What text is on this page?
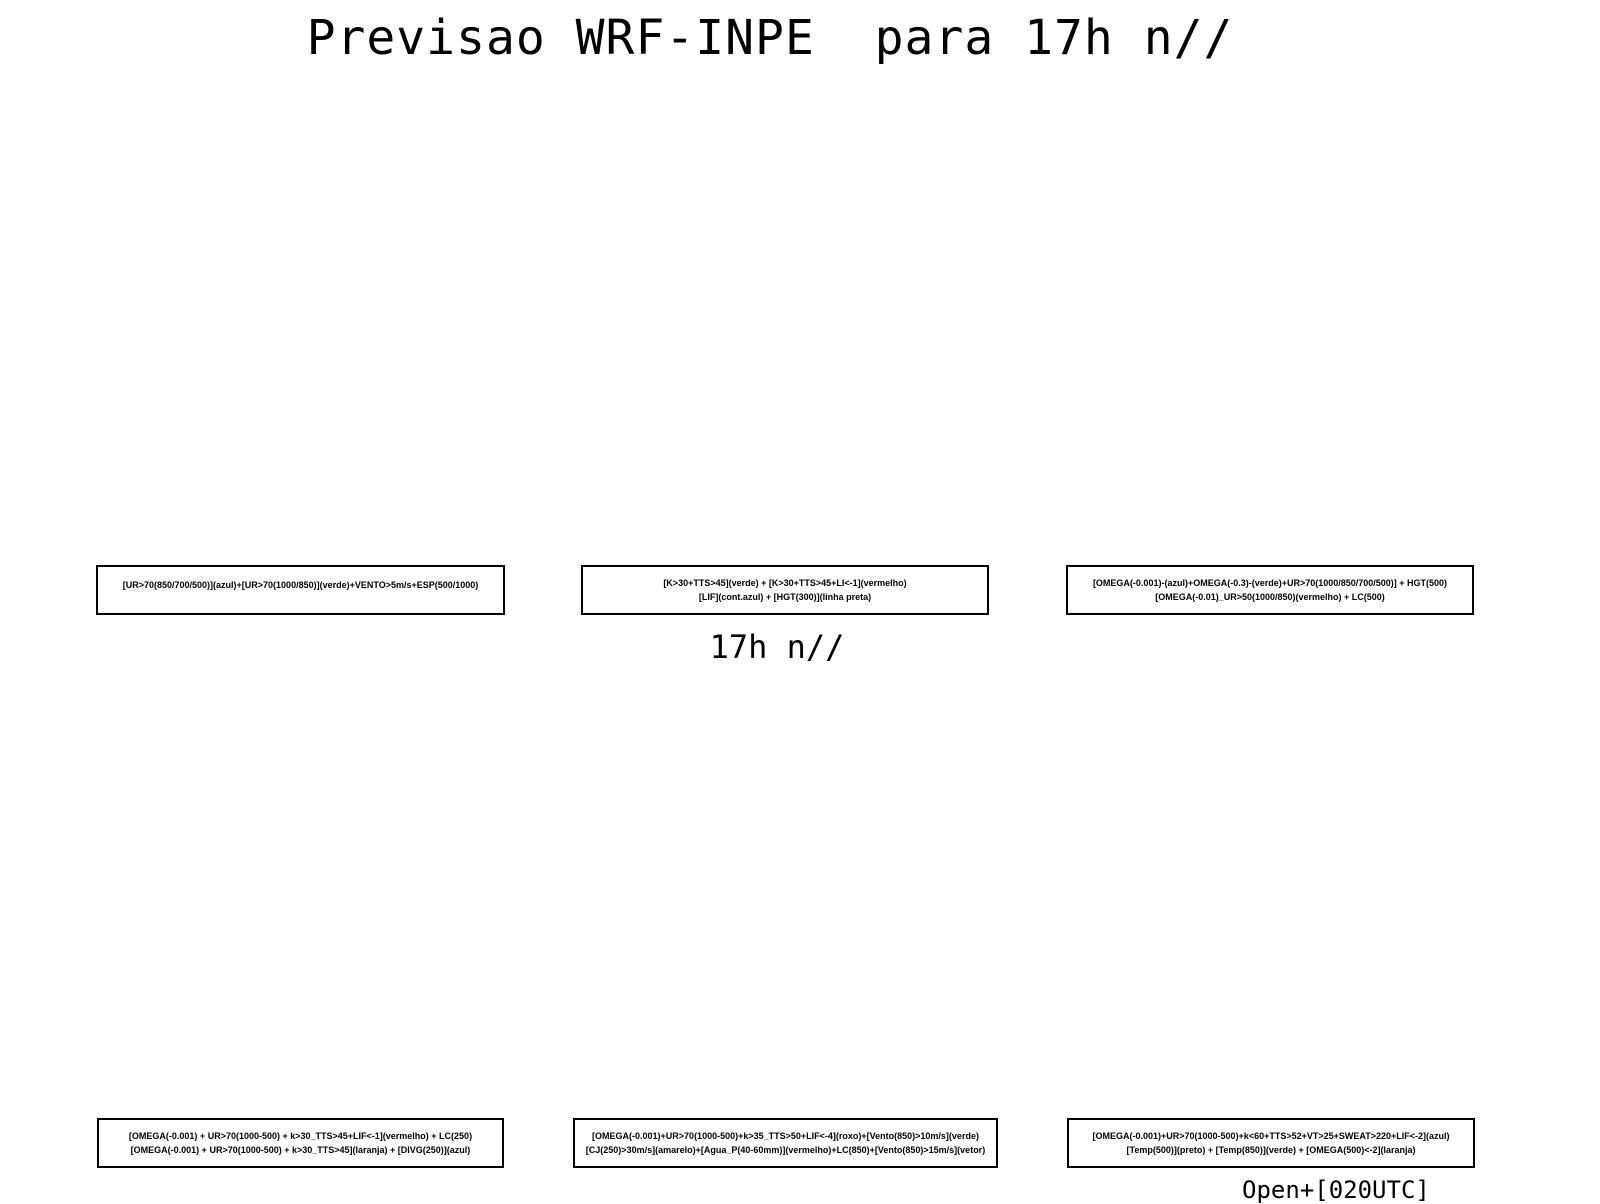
Previsao WRF-INPE  para 17h n//
[UR>70(850/700/500)](azul)+[UR>70(1000/850)](verde)+VENTO>5m/s+ESP(500/1000)	[K>30+TTS>45](verde) + [K>30+TTS>45+LI<-1](vermelho)
[LIF](cont.azul) + [HGT(300)](linha preta)
[OMEGA(-0.001)-(azul)+OMEGA(-0.3)-(verde)+UR>70(1000/850/700/500)] + HGT(500)
[OMEGA(-0.01)_UR>50(1000/850)(vermelho) + LC(500)
17h n//
[OMEGA(-0.001) + UR>70(1000-500) + k>30_TTS>45+LIF<-1](vermelho) + LC(250)
[OMEGA(-0.001) + UR>70(1000-500) + k>30_TTS>45](laranja) + [DIVG(250)](azul)
[OMEGA(-0.001)+UR>70(1000-500)+k>35_TTS>50+LIF<-4](roxo)+[Vento(850)>10m/s](verde)
[CJ(250)>30m/s](amarelo)+[Agua_P(40-60mm)](vermelho)+LC(850)+[Vento(850)>15m/s](vetor)
[OMEGA(-0.001)+UR>70(1000-500)+k<60+TTS>52+VT>25+SWEAT>220+LIF<-2](azul)
[Temp(500)](preto) + [Temp(850)](verde) + [OMEGA(500)<-2](laranja)
Open+[020UTC]
